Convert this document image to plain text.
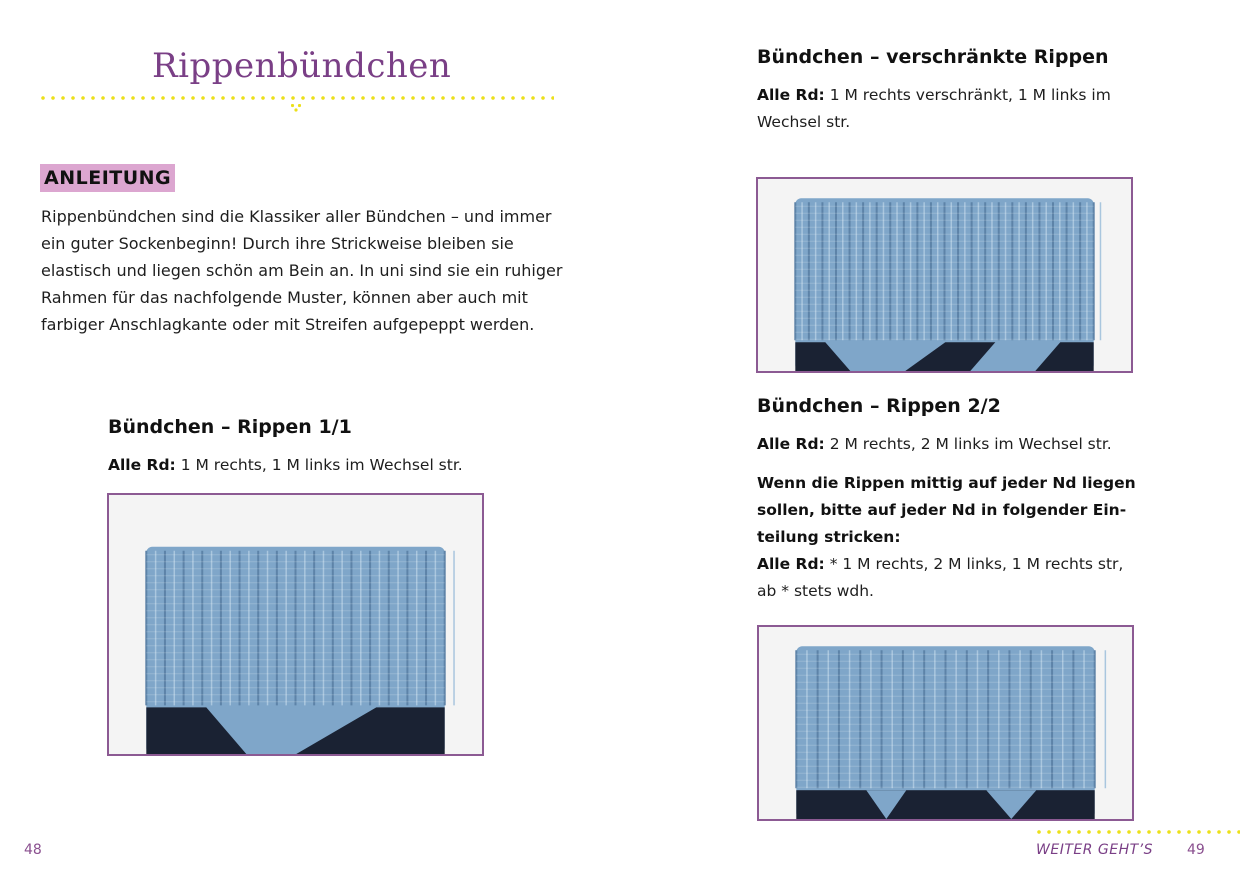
Rippenbündchen
ANLEITUNG
Rippenbündchen sind die Klassiker aller Bündchen – und immer
ein guter Sockenbeginn! Durch ihre Strickweise bleiben sie
elastisch und liegen schön am Bein an. In uni sind sie ein ruhiger
Rahmen für das nachfolgende Muster, können aber auch mit
farbiger Anschlagkante oder mit Streifen aufgepeppt werden.
Bündchen – Rippen 1/1
Alle Rd: 1 M rechts, 1 M links im Wechsel str.
48
Bündchen – verschränkte Rippen
Alle Rd: 1 M rechts verschränkt, 1 M links im
Wechsel str.
Bündchen – Rippen 2/2
Alle Rd: 2 M rechts, 2 M links im Wechsel str.
Wenn die Rippen mittig auf jeder Nd liegen
sollen, bitte auf jeder Nd in folgender Ein-
teilung stricken:
Alle Rd: * 1 M rechts, 2 M links, 1 M rechts str,
ab * stets wdh.
WEITER GEHT’S 49
